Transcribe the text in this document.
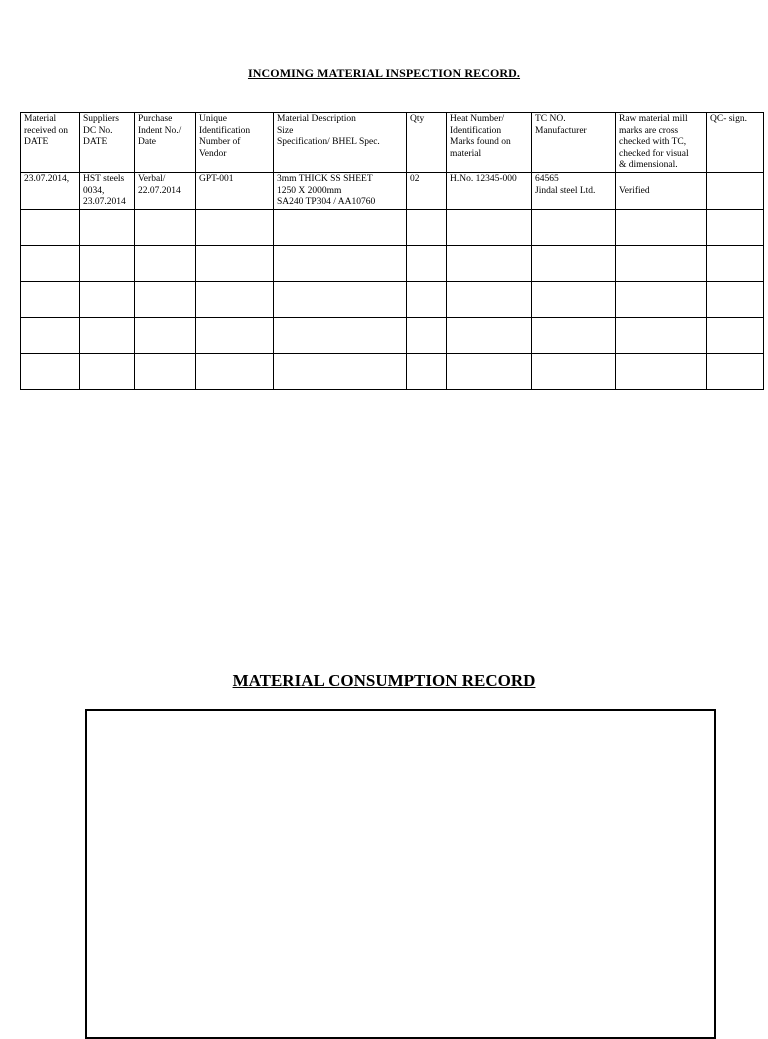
INCOMING MATERIAL INSPECTION RECORD.
Material
received on
DATE	Suppliers
DC No.
DATE	Purchase
Indent No./
Date	Unique
Identification
Number of
Vendor	Material Description
Size
Specification/ BHEL Spec.	Qty	Heat Number/
Identification
Marks found on
material	TC NO.
Manufacturer	Raw material mill
marks are cross
checked with TC,
checked for visual
& dimensional.	QC- sign.

23.07.2014,	HST steels
0034,
23.07.2014	Verbal/
22.07.2014	GPT-001	3mm THICK SS SHEET
1250 X 2000mm
SA240 TP304 / AA10760	02	H.No. 12345-000	64565
Jindal steel Ltd.	Verified	

MATERIAL CONSUMPTION RECORD
